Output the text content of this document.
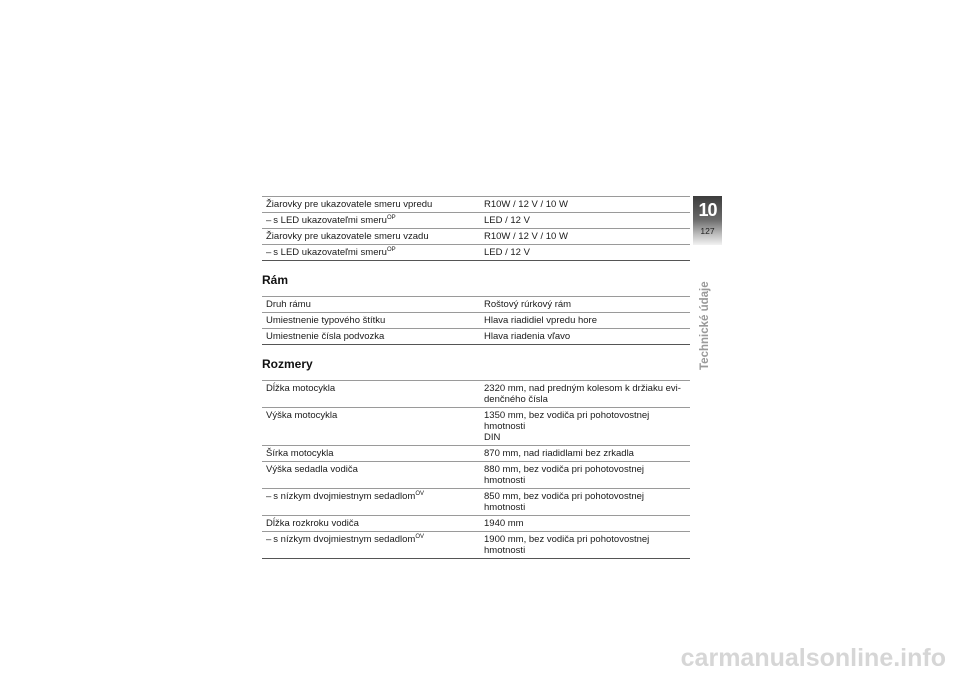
Žiarovky pre ukazovatele smeru vpredu	R10W / 12 V / 10 W
– s LED ukazovateľmi smeru$^{OP}$	LED / 12 V
Žiarovky pre ukazovatele smeru vzadu	R10W / 12 V / 10 W
– s LED ukazovateľmi smeru$^{OP}$	LED / 12 V
Rám
Druh rámu	Roštový rúrkový rám
Umiestnenie typového štítku	Hlava riadidiel vpredu hore
Umiestnenie čísla podvozka	Hlava riadenia vľavo
Rozmery
Dĺžka motocykla	2320 mm, nad predným kolesom k držiaku evi-
denčného čísla
Výška motocykla	1350 mm, bez vodiča pri pohotovostnej hmotnosti
DIN
Šírka motocykla	870 mm, nad riadidlami bez zrkadla
Výška sedadla vodiča	880 mm, bez vodiča pri pohotovostnej hmotnosti
– s nízkym dvojmiestnym sedadlom$^{OV}$	850 mm, bez vodiča pri pohotovostnej hmotnosti
Dĺžka rozkroku vodiča	1940 mm
– s nízkym dvojmiestnym sedadlom$^{OV}$	1900 mm, bez vodiča pri pohotovostnej hmotnosti
10
127
Technické údaje
carmanualsonline.info
